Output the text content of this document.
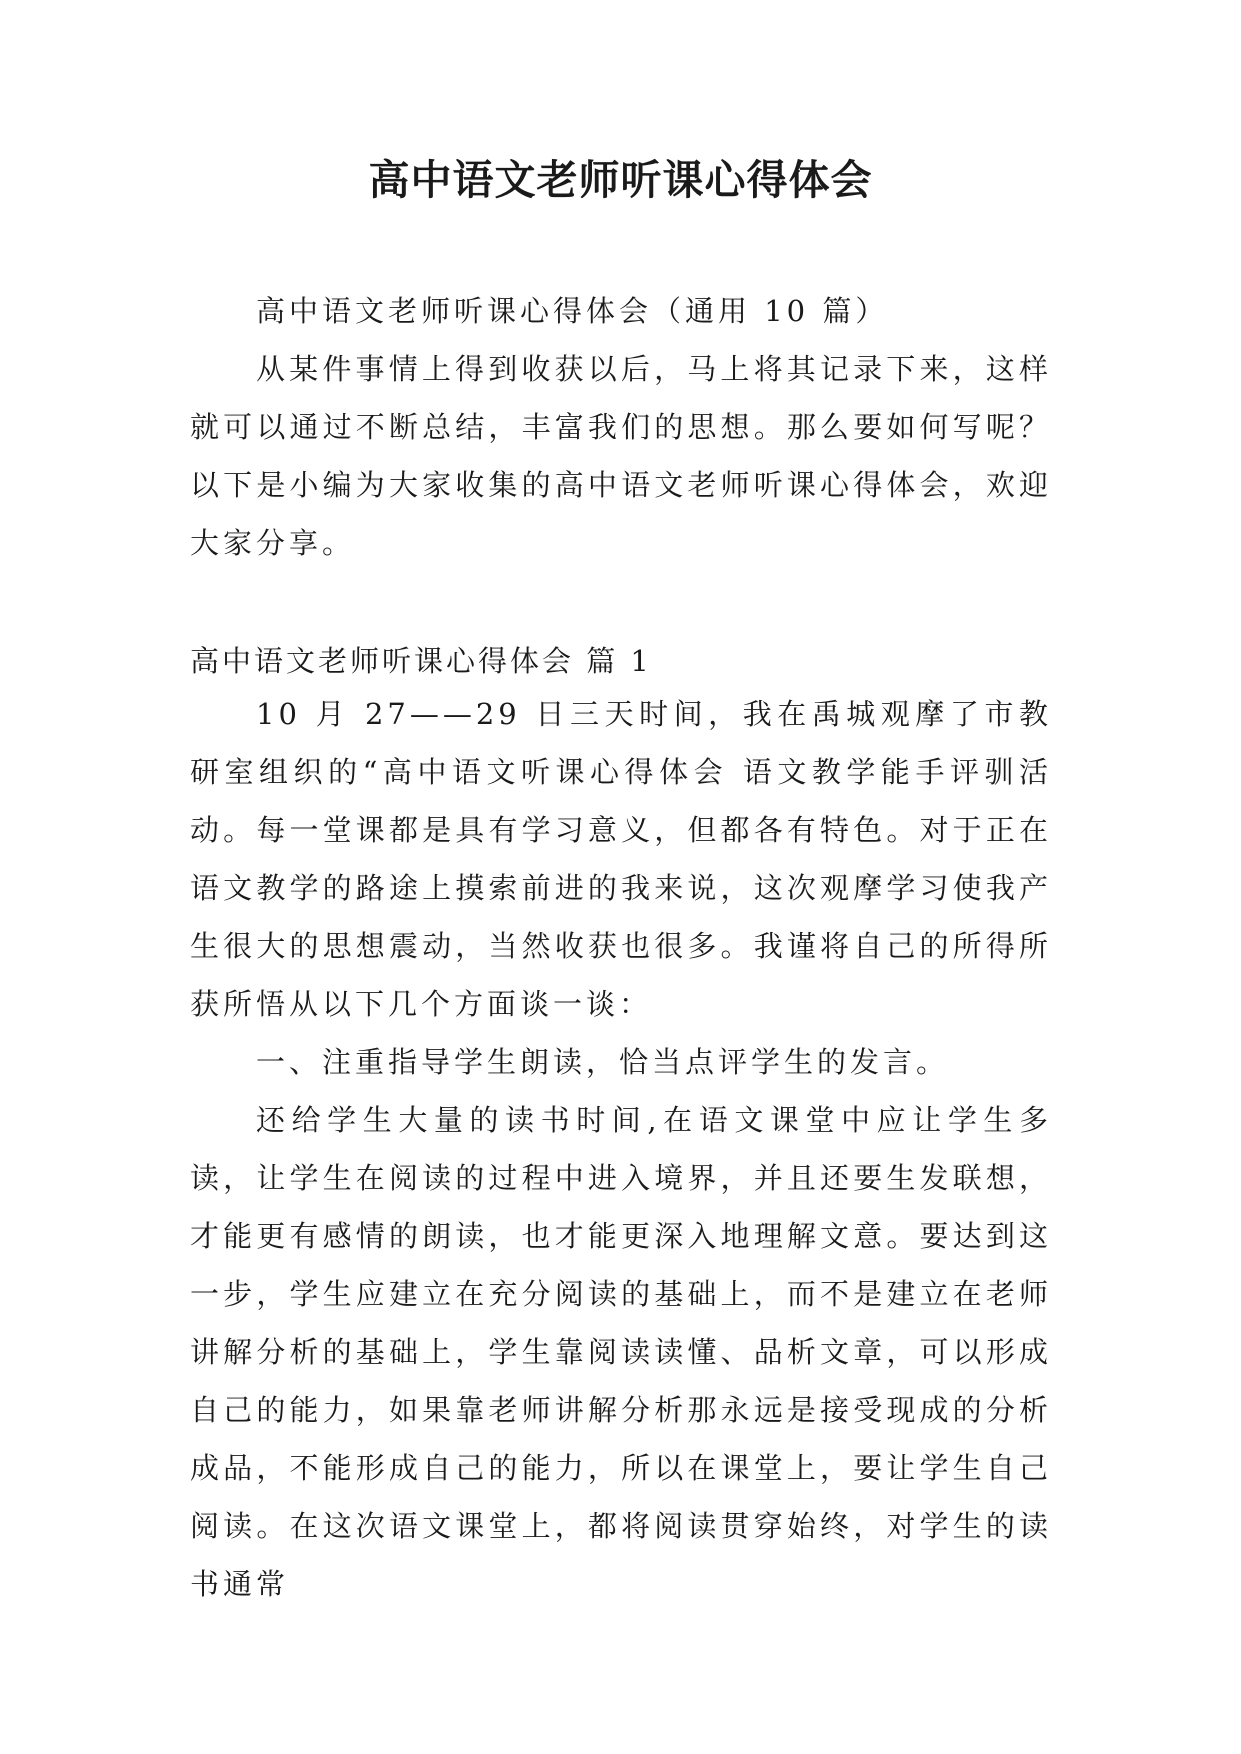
高中语文老师听课心得体会

高中语文老师听课心得体会（通用 10 篇）

从某件事情上得到收获以后，马上将其记录下来，这样就可以通过不断总结，丰富我们的思想。那么要如何写呢？以下是小编为大家收集的高中语文老师听课心得体会，欢迎大家分享。

高中语文老师听课心得体会 篇 1

10 月 27——29 日三天时间，我在禹城观摩了市教研室组织的“高中语文听课心得体会 语文教学能手评驯活动。每一堂课都是具有学习意义，但都各有特色。对于正在语文教学的路途上摸索前进的我来说，这次观摩学习使我产生很大的思想震动，当然收获也很多。我谨将自己的所得所获所悟从以下几个方面谈一谈：

一、注重指导学生朗读，恰当点评学生的发言。

还给学生大量的读书时间,在语文课堂中应让学生多读，让学生在阅读的过程中进入境界，并且还要生发联想，才能更有感情的朗读，也才能更深入地理解文意。要达到这一步，学生应建立在充分阅读的基础上，而不是建立在老师讲解分析的基础上，学生靠阅读读懂、品析文章，可以形成自己的能力，如果靠老师讲解分析那永远是接受现成的分析成品，不能形成自己的能力，所以在课堂上，要让学生自己阅读。在这次语文课堂上，都将阅读贯穿始终，对学生的读书通常
